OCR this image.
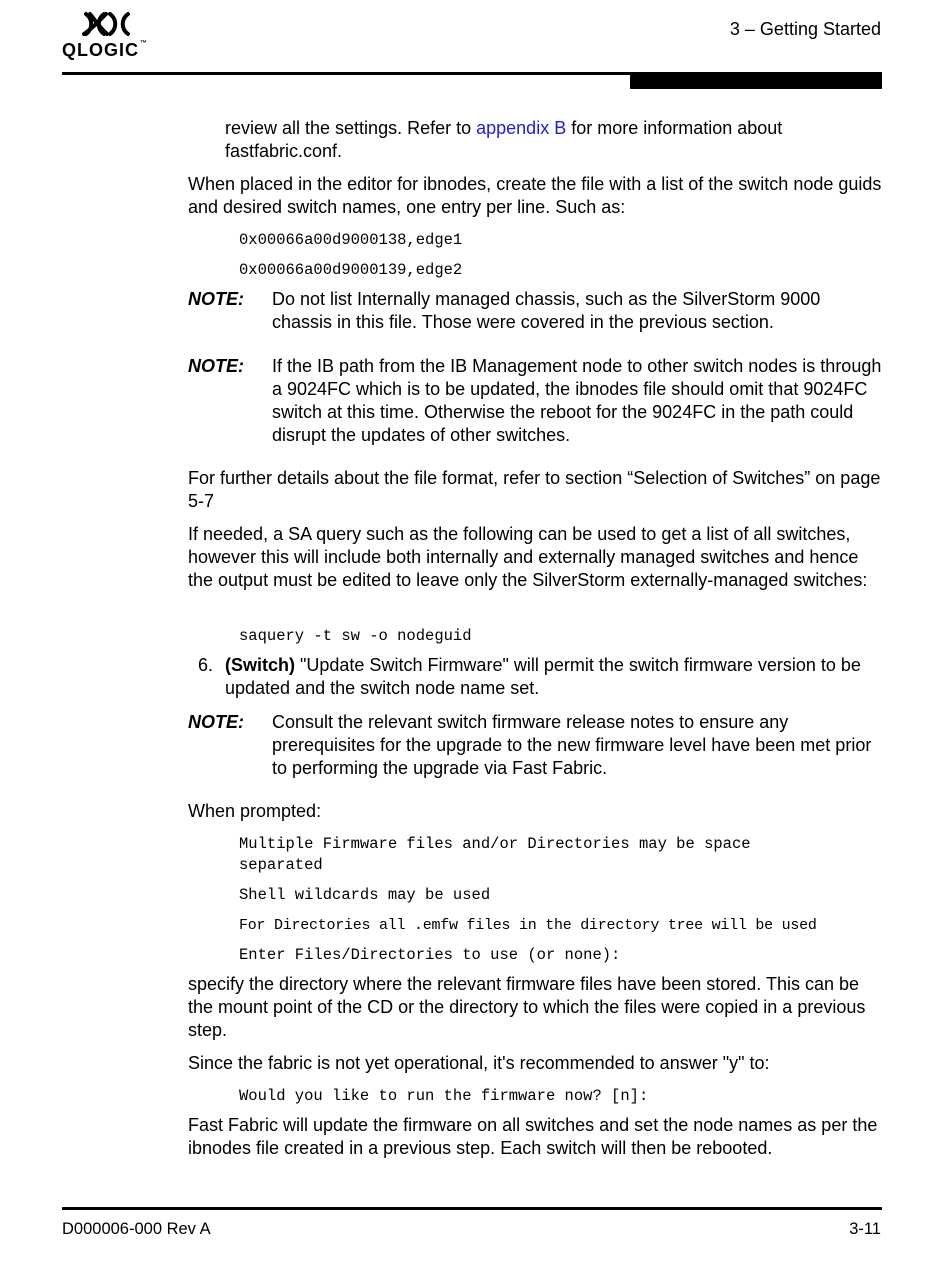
QLOGIC™
3 – Getting Started

review all the settings. Refer to appendix B for more information about fastfabric.conf.

When placed in the editor for ibnodes, create the file with a list of the switch node guids and desired switch names, one entry per line. Such as:

0x00066a00d9000138,edge1
0x00066a00d9000139,edge2
NOTE: Do not list Internally managed chassis, such as the SilverStorm 9000 chassis in this file. Those were covered in the previous section.

NOTE: If the IB path from the IB Management node to other switch nodes is through a 9024FC which is to be updated, the ibnodes file should omit that 9024FC switch at this time. Otherwise the reboot for the 9024FC in the path could disrupt the updates of other switches.

For further details about the file format, refer to section “Selection of Switches” on page 5-7

If needed, a SA query such as the following can be used to get a list of all switches, however this will include both internally and externally managed switches and hence the output must be edited to leave only the SilverStorm externally-managed switches:

saquery -t sw -o nodeguid
6. (Switch) "Update Switch Firmware" will permit the switch firmware version to be updated and the switch node name set.

NOTE: Consult the relevant switch firmware release notes to ensure any prerequisites for the upgrade to the new firmware level have been met prior to performing the upgrade via Fast Fabric.

When prompted:

Multiple Firmware files and/or Directories may be space
separated
Shell wildcards may be used
For Directories all .emfw files in the directory tree will be used
Enter Files/Directories to use (or none):

specify the directory where the relevant firmware files have been stored. This can be the mount point of the CD or the directory to which the files were copied in a previous step.

Since the fabric is not yet operational, it's recommended to answer "y" to:

Would you like to run the firmware now? [n]:

Fast Fabric will update the firmware on all switches and set the node names as per the ibnodes file created in a previous step. Each switch will then be rebooted.

D000006-000 Rev A	3-11
